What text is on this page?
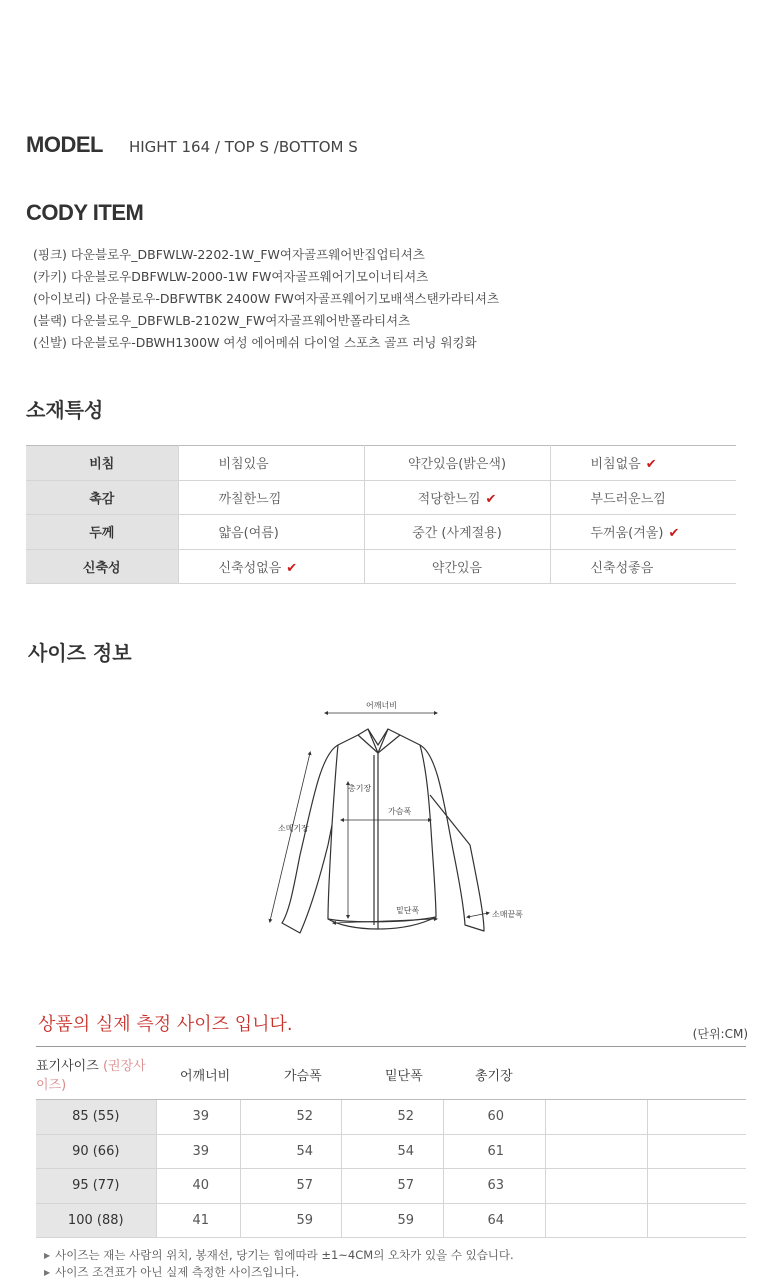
MODEL HIGHT 164 / TOP S /BOTTOM S
CODY ITEM
(핑크) 다운블로우_DBFWLW-2202-1W_FW여자골프웨어반집업티셔츠
(카키) 다운블로우DBFWLW-2000-1W FW여자골프웨어기모이너티셔츠
(아이보리) 다운블로우-DBFWTBK 2400W FW여자골프웨어기모배색스탠카라티셔츠
(블랙) 다운블로우_DBFWLB-2102W_FW여자골프웨어반폴라티셔츠
(신발) 다운블로우-DBWH1300W 여성 에어메쉬 다이얼 스포츠 골프 러닝 워킹화
소재특성
비침	비침있음	약간있음(밝은색)	비침없음 ✔
촉감	까칠한느낌	적당한느낌 ✔	부드러운느낌
두께	얇음(여름)	중간 (사계절용)	두꺼움(겨울) ✔
신축성	신축성없음 ✔	약간있음	신축성좋음
사이즈 정보
어깨너비
총기장
가슴폭
소매기장
밑단폭	소매끝폭
상품의 실제 측정 사이즈 입니다.	(단위:CM)
표기사이즈 (권장사이즈)	어깨너비	가슴폭	밑단폭	총기장		
85 (55)	39	52	52	60		
90 (66)	39	54	54	61		
95 (77)	40	57	57	63		
100 (88)	41	59	59	64		
▶ 사이즈는 재는 사람의 위치, 봉재선, 당기는 힘에따라 ±1~4CM의 오차가 있을 수 있습니다.
▶ 사이즈 조견표가 아닌 실제 측정한 사이즈입니다.
